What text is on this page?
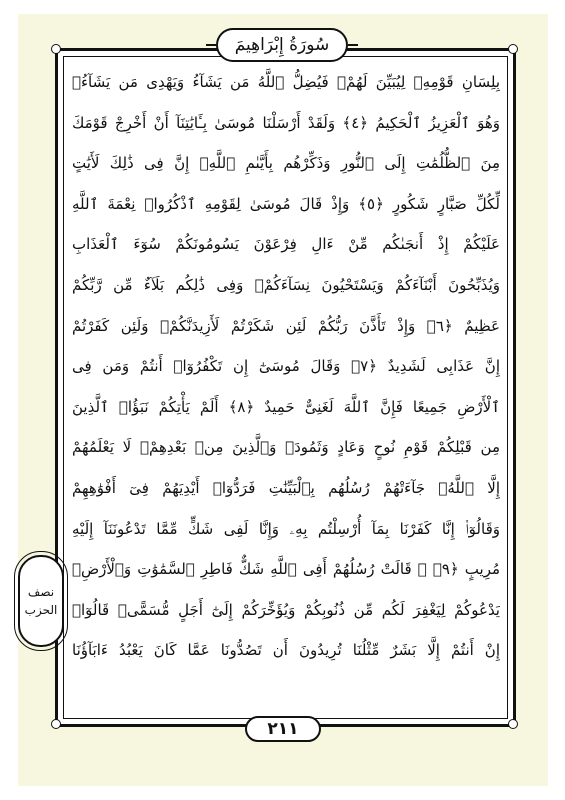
سُورَةُ إِبْرَاهِيمَ
بِلِسَانِ قَوْمِهِۦ لِيُبَيِّنَ لَهُمْۖ فَيُضِلُّ ٱللَّهُ مَن يَشَآءُ وَيَهْدِى مَن يَشَآءُۚ
وَهُوَ ٱلْعَزِيزُ ٱلْحَكِيمُ ﴿٤﴾ وَلَقَدْ أَرْسَلْنَا مُوسَىٰ بِـَٔايَٰتِنَآ أَنْ أَخْرِجْ قَوْمَكَ
مِنَ ٱلظُّلُمَٰتِ إِلَى ٱلنُّورِ وَذَكِّرْهُم بِأَيَّىٰمِ ٱللَّهِۚ إِنَّ فِى ذَٰلِكَ لَأَيَٰتٍ
لِّكُلِّ صَبَّارٍ شَكُورٍ ﴿٥﴾ وَإِذْ قَالَ مُوسَىٰ لِقَوْمِهِ ٱذْكُرُوا۟ نِعْمَةَ ٱللَّهِ
عَلَيْكُمْ إِذْ أَنجَىٰكُم مِّنْ ءَالِ فِرْعَوْنَ يَسُومُونَكُمْ سُوٓءَ ٱلْعَذَابِ
وَيُذَبِّحُونَ أَبْنَآءَكُمْ وَيَسْتَحْيُونَ نِسَآءَكُمْۚ وَفِى ذَٰلِكُم بَلَآءٌ مِّن رَّبِّكُمْ
عَظِيمٌ ﴿٦﴾ وَإِذْ تَأَذَّنَ رَبُّكُمْ لَئِن شَكَرْتُمْ لَأَزِيدَنَّكُمْۖ وَلَئِن كَفَرْتُمْ
إِنَّ عَذَابِى لَشَدِيدٌ ﴿٧﴾ وَقَالَ مُوسَىٰٓ إِن تَكْفُرُوٓا۟ أَنتُمْ وَمَن فِى
ٱلْأَرْضِ جَمِيعًا فَإِنَّ ٱللَّهَ لَغَنِىٌّ حَمِيدٌ ﴿٨﴾ أَلَمْ يَأْتِكُمْ نَبَؤُا۟ ٱلَّذِينَ
مِن قَبْلِكُمْ قَوْمِ نُوحٍ وَعَادٍ وَثَمُودَۛ وَٱلَّذِينَ مِنۢ بَعْدِهِمْۛ لَا يَعْلَمُهُمْ
إِلَّا ٱللَّهُۚ جَآءَتْهُمْ رُسُلُهُم بِٱلْبَيِّنَٰتِ فَرَدُّوٓا۟ أَيْدِيَهُمْ فِىٓ أَفْوَٰهِهِمْ
وَقَالُوٓا۟ إِنَّا كَفَرْنَا بِمَآ أُرْسِلْتُم بِهِۦ وَإِنَّا لَفِى شَكٍّ مِّمَّا تَدْعُونَنَآ إِلَيْهِ
مُرِيبٍ ﴿٩﴾ ۞ قَالَتْ رُسُلُهُمْ أَفِى ٱللَّهِ شَكٌّ فَاطِرِ ٱلسَّمَٰوَٰتِ وَٱلْأَرْضِۖ
يَدْعُوكُمْ لِيَغْفِرَ لَكُم مِّن ذُنُوبِكُمْ وَيُؤَخِّرَكُمْ إِلَىٰٓ أَجَلٍ مُّسَمًّىۚ قَالُوٓا۟
إِنْ أَنتُمْ إِلَّا بَشَرٌ مِّثْلُنَا تُرِيدُونَ أَن تَصُدُّونَا عَمَّا كَانَ يَعْبُدُ ءَابَآؤُنَا
نصف
الحزب
٢١١
